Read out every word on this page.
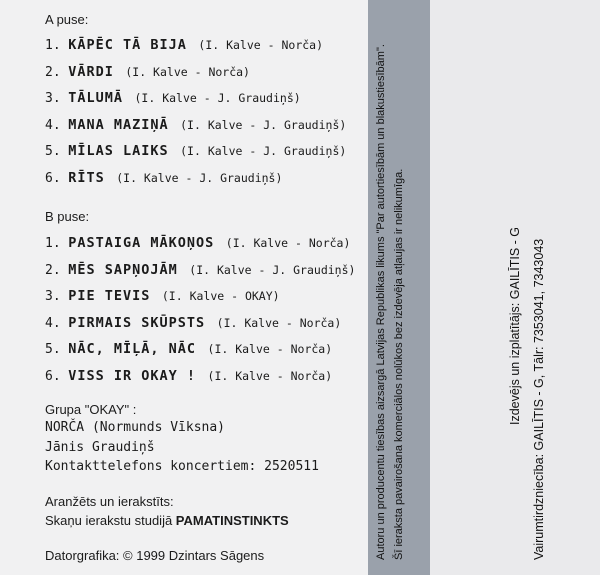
A puse:
1. KĀPĒC TĀ BIJA (I. Kalve - Norča)
2. VĀRDI (I. Kalve - Norča)
3. TĀLUMĀ (I. Kalve - J. Graudiņš)
4. MANA MAZIŅĀ (I. Kalve - J. Graudiņš)
5. MĪLAS LAIKS (I. Kalve - J. Graudiņš)
6. RĪTS (I. Kalve - J. Graudiņš)
B puse:
1. PASTAIGA MĀKOŅOS (I. Kalve - Norča)
2. MĒS SAPŅOJĀM (I. Kalve - J. Graudiņš)
3. PIE TEVIS (I. Kalve - OKAY)
4. PIRMAIS SKŪPSTS (I. Kalve - Norča)
5. NĀC, MĪĻĀ, NĀC (I. Kalve - Norča)
6. VISS IR OKAY ! (I. Kalve - Norča)
Grupa "OKAY" :
NORČA (Normunds Vīksna)
Jānis Graudiņš
Kontakttelefons koncertiem: 2520511
Aranžēts un ierakstīts:
Skaņu ierakstu studijā PAMATINSTINKTS
Datorgrafika: © 1999 Dzintars Sāgens	Autoru un producentu tiesības aizsargā Latvijas Republikas likums "Par autortiesībām un blakustiesībām". Šī ieraksta pavairošana komerciālos nolūkos bez izdevēja atļaujas ir nelikumīga.	Izdevējs un izplatītājs: GAILĪTIS - G Vairumtirdzniecība: GAILĪTIS - G, Tālr: 7353041, 7343043
